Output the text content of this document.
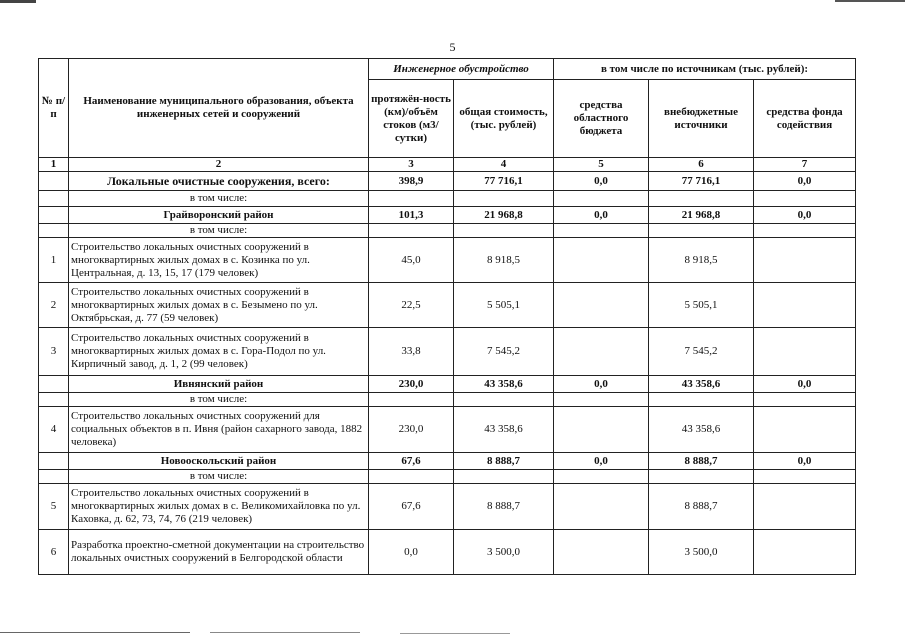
5
№ п/п	Наименование муниципального образования, объекта инженерных сетей и сооружений	Инженерное обустройство		в том числе по источникам (тыс. рублей):		
		протяжён-ность (км)/объём стоков (м3/сутки)	общая стоимость, (тыс. рублей)	средства областного бюджета	внебюджетные источники	средства фонда содействия
1	2	3	4	5	6	7
	Локальные очистные сооружения, всего:	398,9	77 716,1	0,0	77 716,1	0,0
	в том числе:					
	Грайворонский район	101,3	21 968,8	0,0	21 968,8	0,0
	в том числе:					
1	Строительство локальных очистных сооружений в многоквартирных жилых домах в с. Козинка по ул. Центральная, д. 13, 15, 17 (179 человек)	45,0	8 918,5		8 918,5	
2	Строительство локальных очистных сооружений в многоквартирных жилых домах в с. Безымено по ул. Октябрьская, д. 77 (59 человек)	22,5	5 505,1		5 505,1	
3	Строительство локальных очистных сооружений в многоквартирных жилых домах в с. Гора-Подол по ул. Кирпичный завод, д. 1, 2 (99 человек)	33,8	7 545,2		7 545,2	
	Ивнянский район	230,0	43 358,6	0,0	43 358,6	0,0
	в том числе:					
4	Строительство локальных очистных сооружений для социальных объектов в п. Ивня (район сахарного завода, 1882 человека)	230,0	43 358,6		43 358,6	
	Новооскольский район	67,6	8 888,7	0,0	8 888,7	0,0
	в том числе:					
5	Строительство локальных очистных сооружений в многоквартирных жилых домах в с. Великомихайловка по ул. Каховка, д. 62, 73, 74, 76 (219 человек)	67,6	8 888,7		8 888,7	
6	Разработка проектно-сметной документации на строительство локальных очистных сооружений в Белгородской области	0,0	3 500,0		3 500,0	
